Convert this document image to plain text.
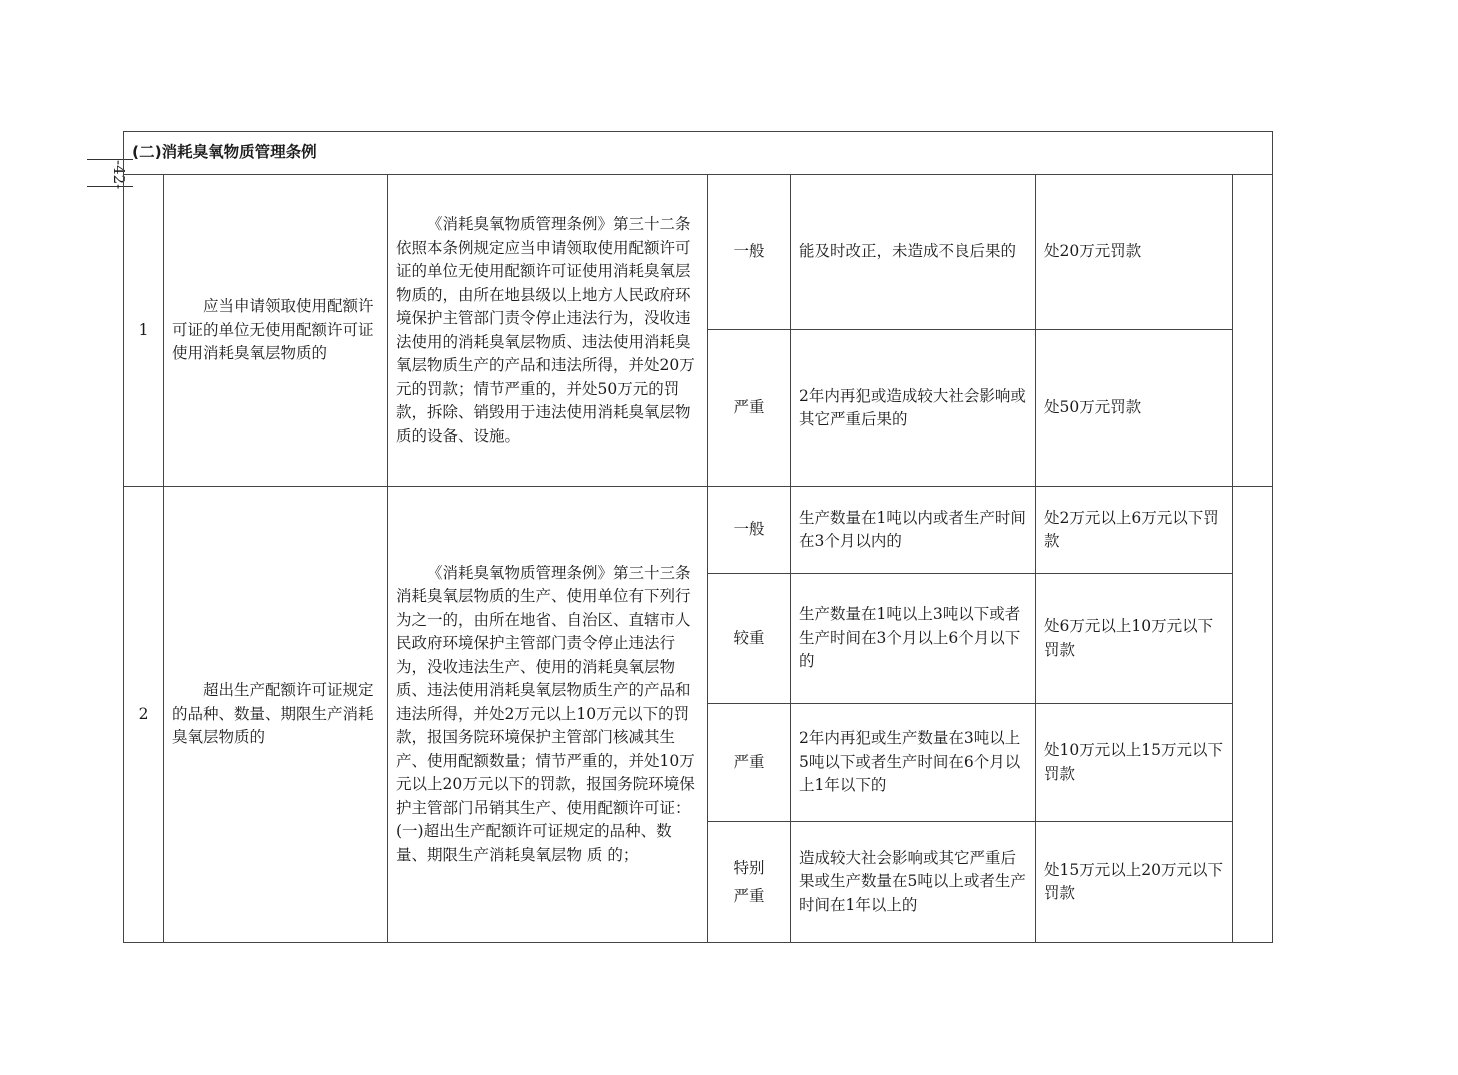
-42-
(二)消耗臭氧物质管理条例						
1	应当申请领取使用配额许可证的单位无使用配额许可证使用消耗臭氧层物质的	《消耗臭氧物质管理条例》第三十二条　依照本条例规定应当申请领取使用配额许可证的单位无使用配额许可证使用消耗臭氧层物质的，由所在地县级以上地方人民政府环境保护主管部门责令停止违法行为，没收违法使用的消耗臭氧层物质、违法使用消耗臭氧层物质生产的产品和违法所得，并处20万元的罚款；情节严重的，并处50万元的罚款，拆除、销毁用于违法使用消耗臭氧层物质的设备、设施。	一般	能及时改正，未造成不良后果的	处20万元罚款	
			严重	2年内再犯或造成较大社会影响或其它严重后果的	处50万元罚款	
2	超出生产配额许可证规定的品种、数量、期限生产消耗臭氧层物质的	《消耗臭氧物质管理条例》第三十三条　消耗臭氧层物质的生产、使用单位有下列行为之一的，由所在地省、自治区、直辖市人民政府环境保护主管部门责令停止违法行为，没收违法生产、使用的消耗臭氧层物质、违法使用消耗臭氧层物质生产的产品和违法所得，并处2万元以上10万元以下的罚款，报国务院环境保护主管部门核减其生产、使用配额数量；情节严重的，并处10万元以上20万元以下的罚款，报国务院环境保护主管部门吊销其生产、使用配额许可证：(一)超出生产配额许可证规定的品种、数量、期限生产消耗臭氧层物 质 的；	一般	生产数量在1吨以内或者生产时间在3个月以内的	处2万元以上6万元以下罚款	
			较重	生产数量在1吨以上3吨以下或者生产时间在3个月以上6个月以下的	处6万元以上10万元以下罚款	
			严重	2年内再犯或生产数量在3吨以上5吨以下或者生产时间在6个月以上1年以下的	处10万元以上15万元以下罚款	
			特别严重	造成较大社会影响或其它严重后果或生产数量在5吨以上或者生产时间在1年以上的	处15万元以上20万元以下罚款	
